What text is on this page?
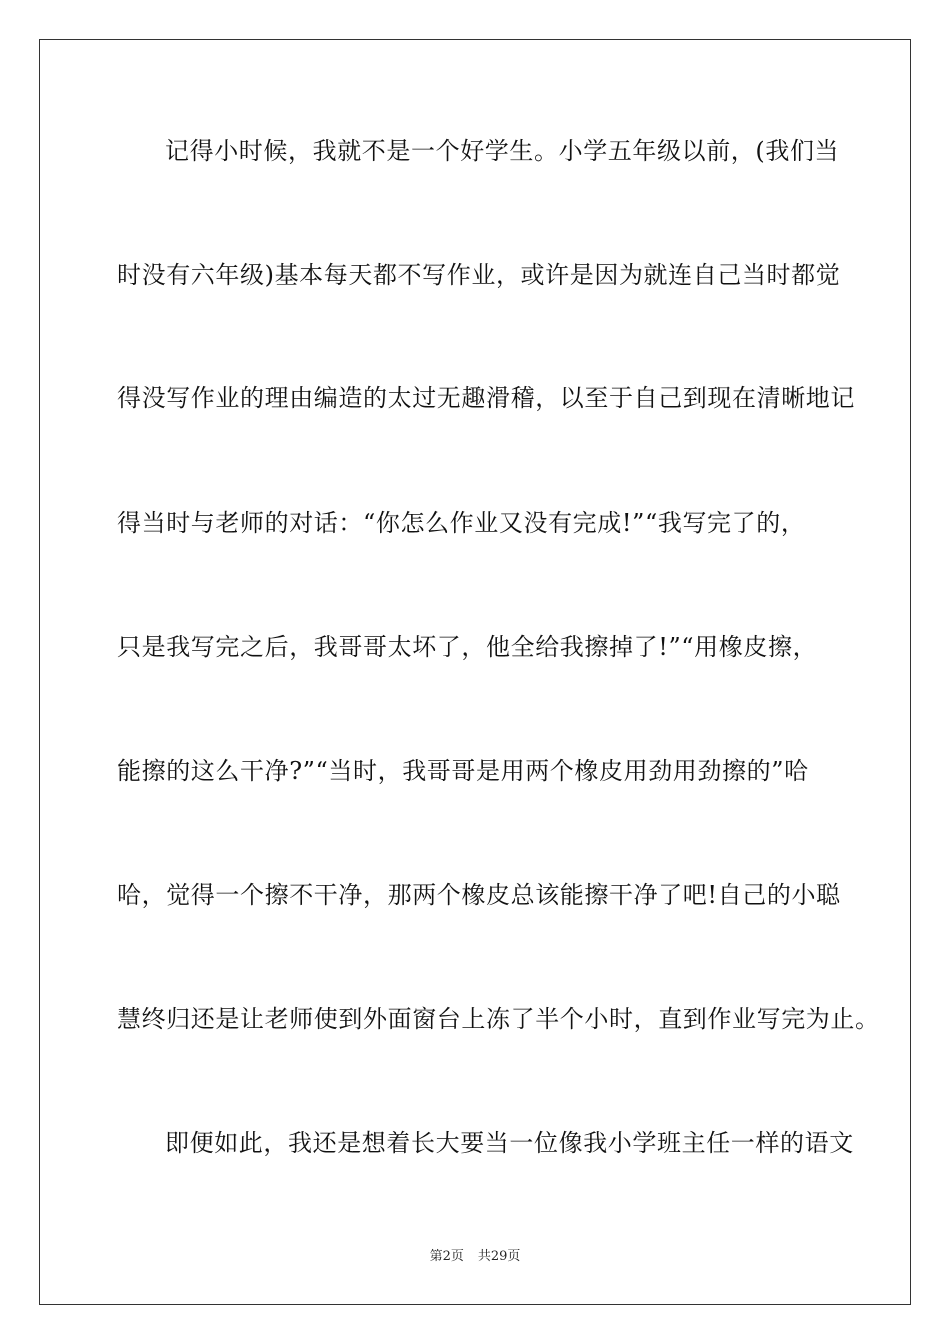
记得小时候，我就不是一个好学生。小学五年级以前，(我们当
时没有六年级)基本每天都不写作业，或许是因为就连自己当时都觉
得没写作业的理由编造的太过无趣滑稽，以至于自己到现在清晰地记
得当时与老师的对话：“你怎么作业又没有完成!”“我写完了的，
只是我写完之后，我哥哥太坏了，他全给我擦掉了!”“用橡皮擦，
能擦的这么干净?”“当时，我哥哥是用两个橡皮用劲用劲擦的”哈
哈，觉得一个擦不干净，那两个橡皮总该能擦干净了吧!自己的小聪
慧终归还是让老师使到外面窗台上冻了半个小时，直到作业写完为止。
即便如此，我还是想着长大要当一位像我小学班主任一样的语文
第2页 共29页
